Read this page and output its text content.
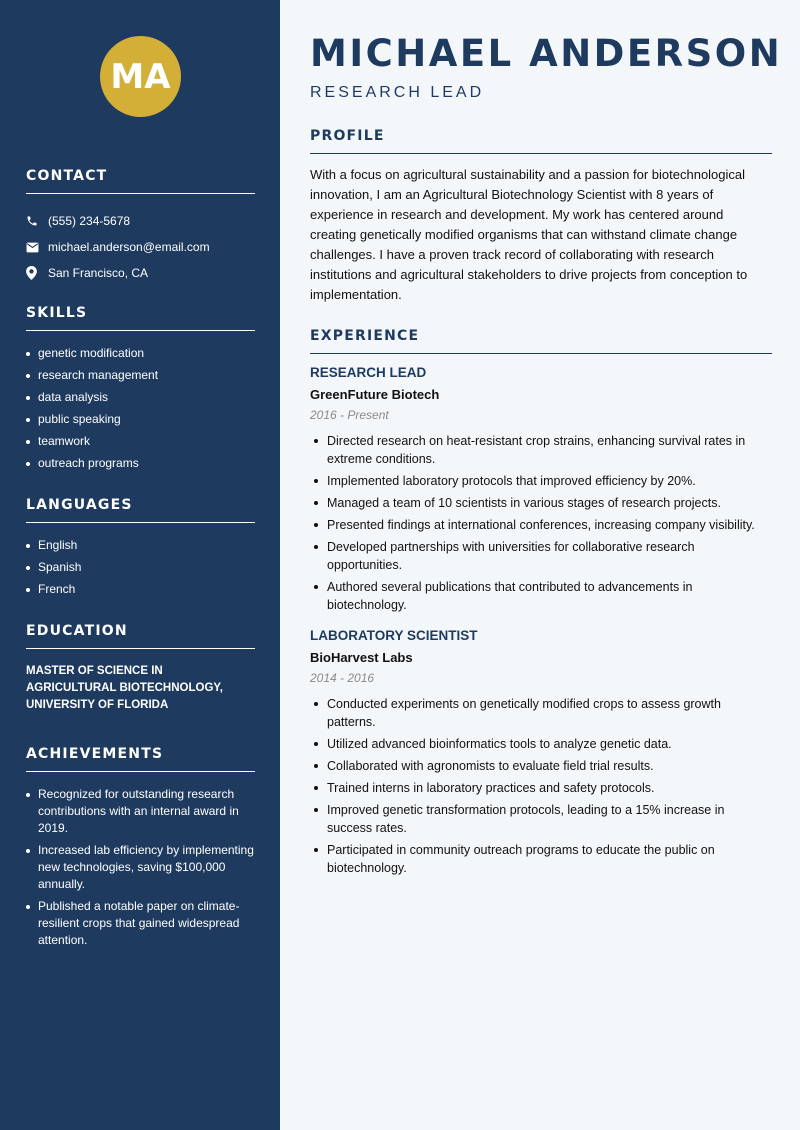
MA
CONTACT
(555) 234-5678
michael.anderson@email.com
San Francisco, CA
SKILLS
genetic modification
research management
data analysis
public speaking
teamwork
outreach programs
LANGUAGES
English
Spanish
French
EDUCATION

MASTER OF SCIENCE IN AGRICULTURAL BIOTECHNOLOGY, UNIVERSITY OF FLORIDA

ACHIEVEMENTS
Recognized for outstanding research contributions with an internal award in 2019.
Increased lab efficiency by implementing new technologies, saving $100,000 annually.
Published a notable paper on climate-resilient crops that gained widespread attention.
MICHAEL ANDERSON
RESEARCH LEAD
PROFILE

With a focus on agricultural sustainability and a passion for biotechnological innovation, I am an Agricultural Biotechnology Scientist with 8 years of experience in research and development. My work has centered around creating genetically modified organisms that can withstand climate change challenges. I have a proven track record of collaborating with research institutions and agricultural stakeholders to drive projects from conception to implementation.

EXPERIENCE
RESEARCH LEAD
GreenFuture Biotech
2016 - Present
Directed research on heat-resistant crop strains, enhancing survival rates in extreme conditions.
Implemented laboratory protocols that improved efficiency by 20%.
Managed a team of 10 scientists in various stages of research projects.
Presented findings at international conferences, increasing company visibility.
Developed partnerships with universities for collaborative research opportunities.
Authored several publications that contributed to advancements in biotechnology.
LABORATORY SCIENTIST
BioHarvest Labs
2014 - 2016
Conducted experiments on genetically modified crops to assess growth patterns.
Utilized advanced bioinformatics tools to analyze genetic data.
Collaborated with agronomists to evaluate field trial results.
Trained interns in laboratory practices and safety protocols.
Improved genetic transformation protocols, leading to a 15% increase in success rates.
Participated in community outreach programs to educate the public on biotechnology.
